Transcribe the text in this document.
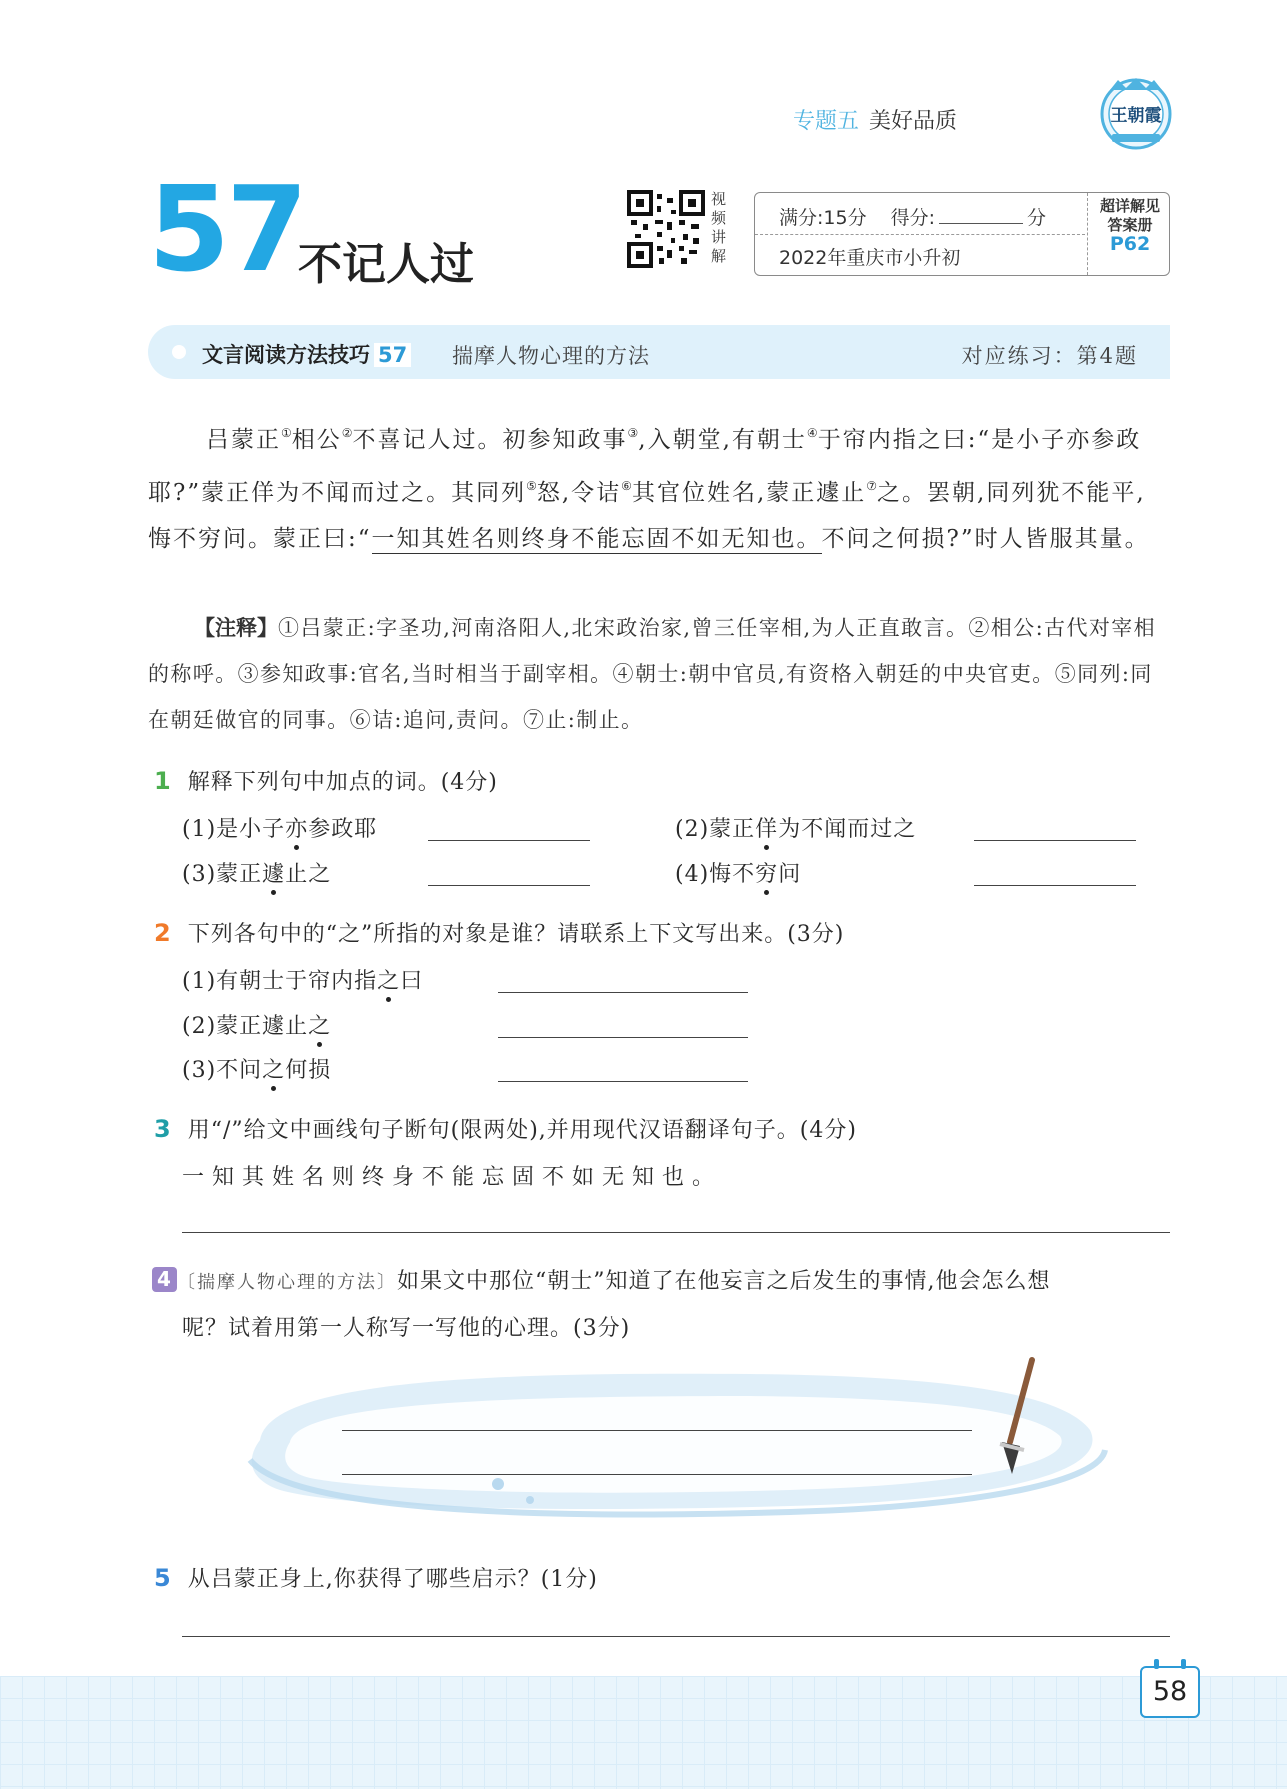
专题五 美好品质	王朝霞
57
不记人过
视频讲解
满分:15分 得分:	分
2022年重庆市小升初
超详解见
答案册
P62
文言阅读方法技巧 57 揣摩人物心理的方法	对应练习：第4题
吕蒙正①相公②不喜记人过。初参知政事③,入朝堂,有朝士④于帘内指之曰:“是小子亦参政耶?”蒙正佯为不闻而过之。其同列⑤怒,令诘⑥其官位姓名,蒙正遽止⑦之。罢朝,同列犹不能平,悔不穷问。蒙正曰:“一知其姓名则终身不能忘固不如无知也。不问之何损?”时人皆服其量。
【注释】①吕蒙正:字圣功,河南洛阳人,北宋政治家,曾三任宰相,为人正直敢言。②相公:古代对宰相的称呼。③参知政事:官名,当时相当于副宰相。④朝士:朝中官员,有资格入朝廷的中央官吏。⑤同列:同在朝廷做官的同事。⑥诘:追问,责问。⑦止:制止。
1 解释下列句中加点的词。(4分)
(1)是小子亦参政耶	(2)蒙正佯为不闻而过之
(3)蒙正遽止之	(4)悔不穷问
2 下列各句中的“之”所指的对象是谁？请联系上下文写出来。(3分)
(1)有朝士于帘内指之曰
(2)蒙正遽止之
(3)不问之何损
3 用“/”给文中画线句子断句(限两处),并用现代汉语翻译句子。(4分)
一知其姓名则终身不能忘固不如无知也。
4 〔揣摩人物心理的方法〕如果文中那位“朝士”知道了在他妄言之后发生的事情,他会怎么想
呢？试着用第一人称写一写他的心理。(3分)
5 从吕蒙正身上,你获得了哪些启示？(1分)
58
